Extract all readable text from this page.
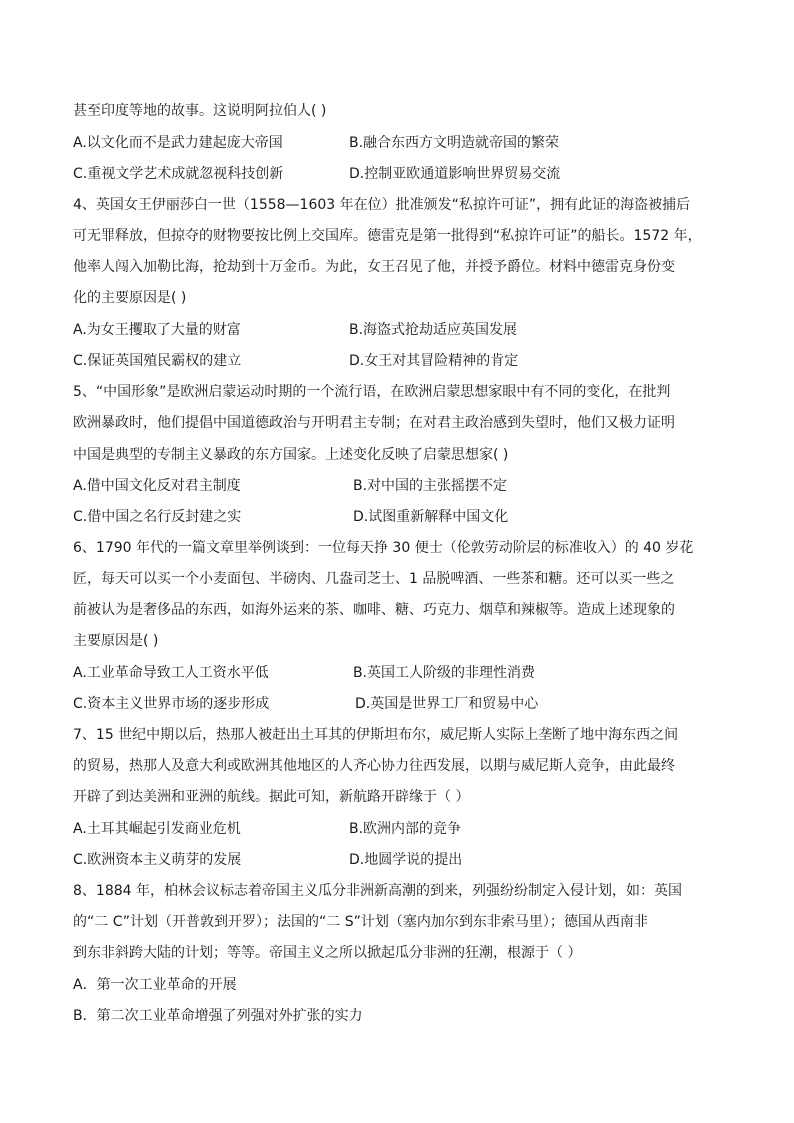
甚至印度等地的故事。这说明阿拉伯人( )
A.以文化而不是武力建起庞大帝国	B.融合东西方文明造就帝国的繁荣
C.重视文学艺术成就忽视科技创新	D.控制亚欧通道影响世界贸易交流
4、英国女王伊丽莎白一世（1558—1603 年在位）批准颁发“私掠许可证”，拥有此证的海盗被捕后
可无罪释放，但掠夺的财物要按比例上交国库。德雷克是第一批得到“私掠许可证”的船长。1572 年，
他率人闯入加勒比海，抢劫到十万金币。为此，女王召见了他，并授予爵位。材料中德雷克身份变
化的主要原因是( )
A.为女王攫取了大量的财富	B.海盗式抢劫适应英国发展
C.保证英国殖民霸权的建立	D.女王对其冒险精神的肯定
5、“中国形象”是欧洲启蒙运动时期的一个流行语，在欧洲启蒙思想家眼中有不同的变化，在批判
欧洲暴政时，他们提倡中国道德政治与开明君主专制；在对君主政治感到失望时，他们又极力证明
中国是典型的专制主义暴政的东方国家。上述变化反映了启蒙思想家( )
A.借中国文化反对君主制度	B.对中国的主张摇摆不定
C.借中国之名行反封建之实	D.试图重新解释中国文化
6、1790 年代的一篇文章里举例谈到：一位每天挣 30 便士（伦敦劳动阶层的标准收入）的 40 岁花
匠，每天可以买一个小麦面包、半磅肉、几盎司芝士、1 品脱啤酒、一些茶和糖。还可以买一些之
前被认为是奢侈品的东西，如海外运来的茶、咖啡、糖、巧克力、烟草和辣椒等。造成上述现象的
主要原因是( )
A.工业革命导致工人工资水平低	B.英国工人阶级的非理性消费
C.资本主义世界市场的逐步形成	D.英国是世界工厂和贸易中心
7、15 世纪中期以后，热那人被赶出土耳其的伊斯坦布尔，威尼斯人实际上垄断了地中海东西之间
的贸易，热那人及意大利或欧洲其他地区的人齐心协力往西发展，以期与威尼斯人竞争，由此最终
开辟了到达美洲和亚洲的航线。据此可知，新航路开辟缘于（ ）
A.土耳其崛起引发商业危机	B.欧洲内部的竞争
C.欧洲资本主义萌芽的发展	D.地圆学说的提出
8、1884 年，柏林会议标志着帝国主义瓜分非洲新高潮的到来，列强纷纷制定入侵计划，如：英国
的“二 C”计划（开普敦到开罗）；法国的“二 S”计划（塞内加尔到东非索马里）；德国从西南非
到东非斜跨大陆的计划；等等。帝国主义之所以掀起瓜分非洲的狂潮，根源于（ ）
A．第一次工业革命的开展
B．第二次工业革命增强了列强对外扩张的实力
